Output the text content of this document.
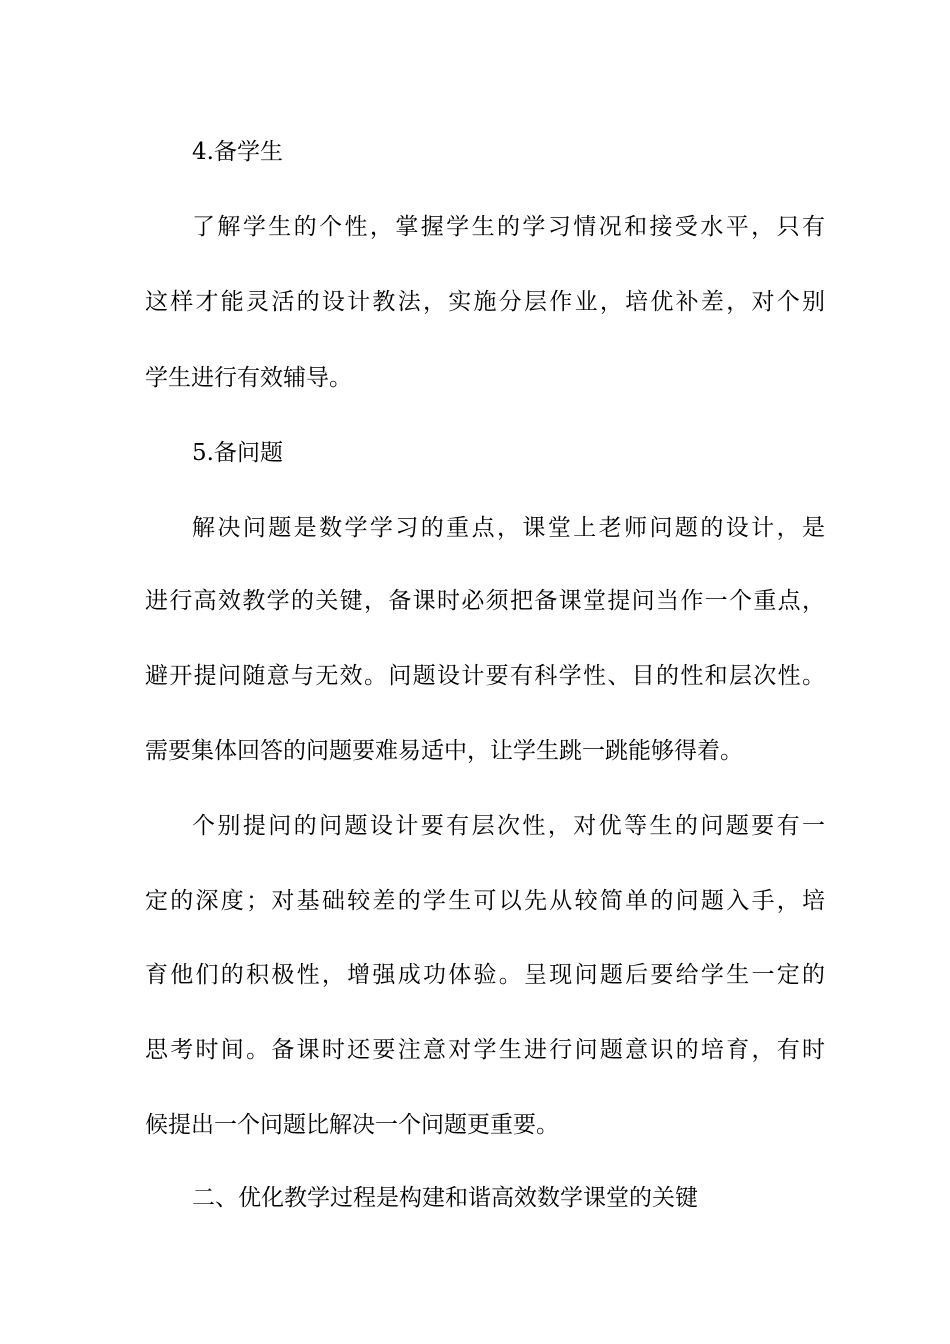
4.备学生
了解学生的个性，掌握学生的学习情况和接受水平，只有
这样才能灵活的设计教法，实施分层作业，培优补差，对个别
学生进行有效辅导。
5.备问题
解决问题是数学学习的重点，课堂上老师问题的设计，是
进行高效教学的关键，备课时必须把备课堂提问当作一个重点，
避开提问随意与无效。问题设计要有科学性、目的性和层次性。
需要集体回答的问题要难易适中，让学生跳一跳能够得着。
个别提问的问题设计要有层次性，对优等生的问题要有一
定的深度；对基础较差的学生可以先从较简单的问题入手，培
育他们的积极性，增强成功体验。呈现问题后要给学生一定的
思考时间。备课时还要注意对学生进行问题意识的培育，有时
候提出一个问题比解决一个问题更重要。
二、优化教学过程是构建和谐高效数学课堂的关键
